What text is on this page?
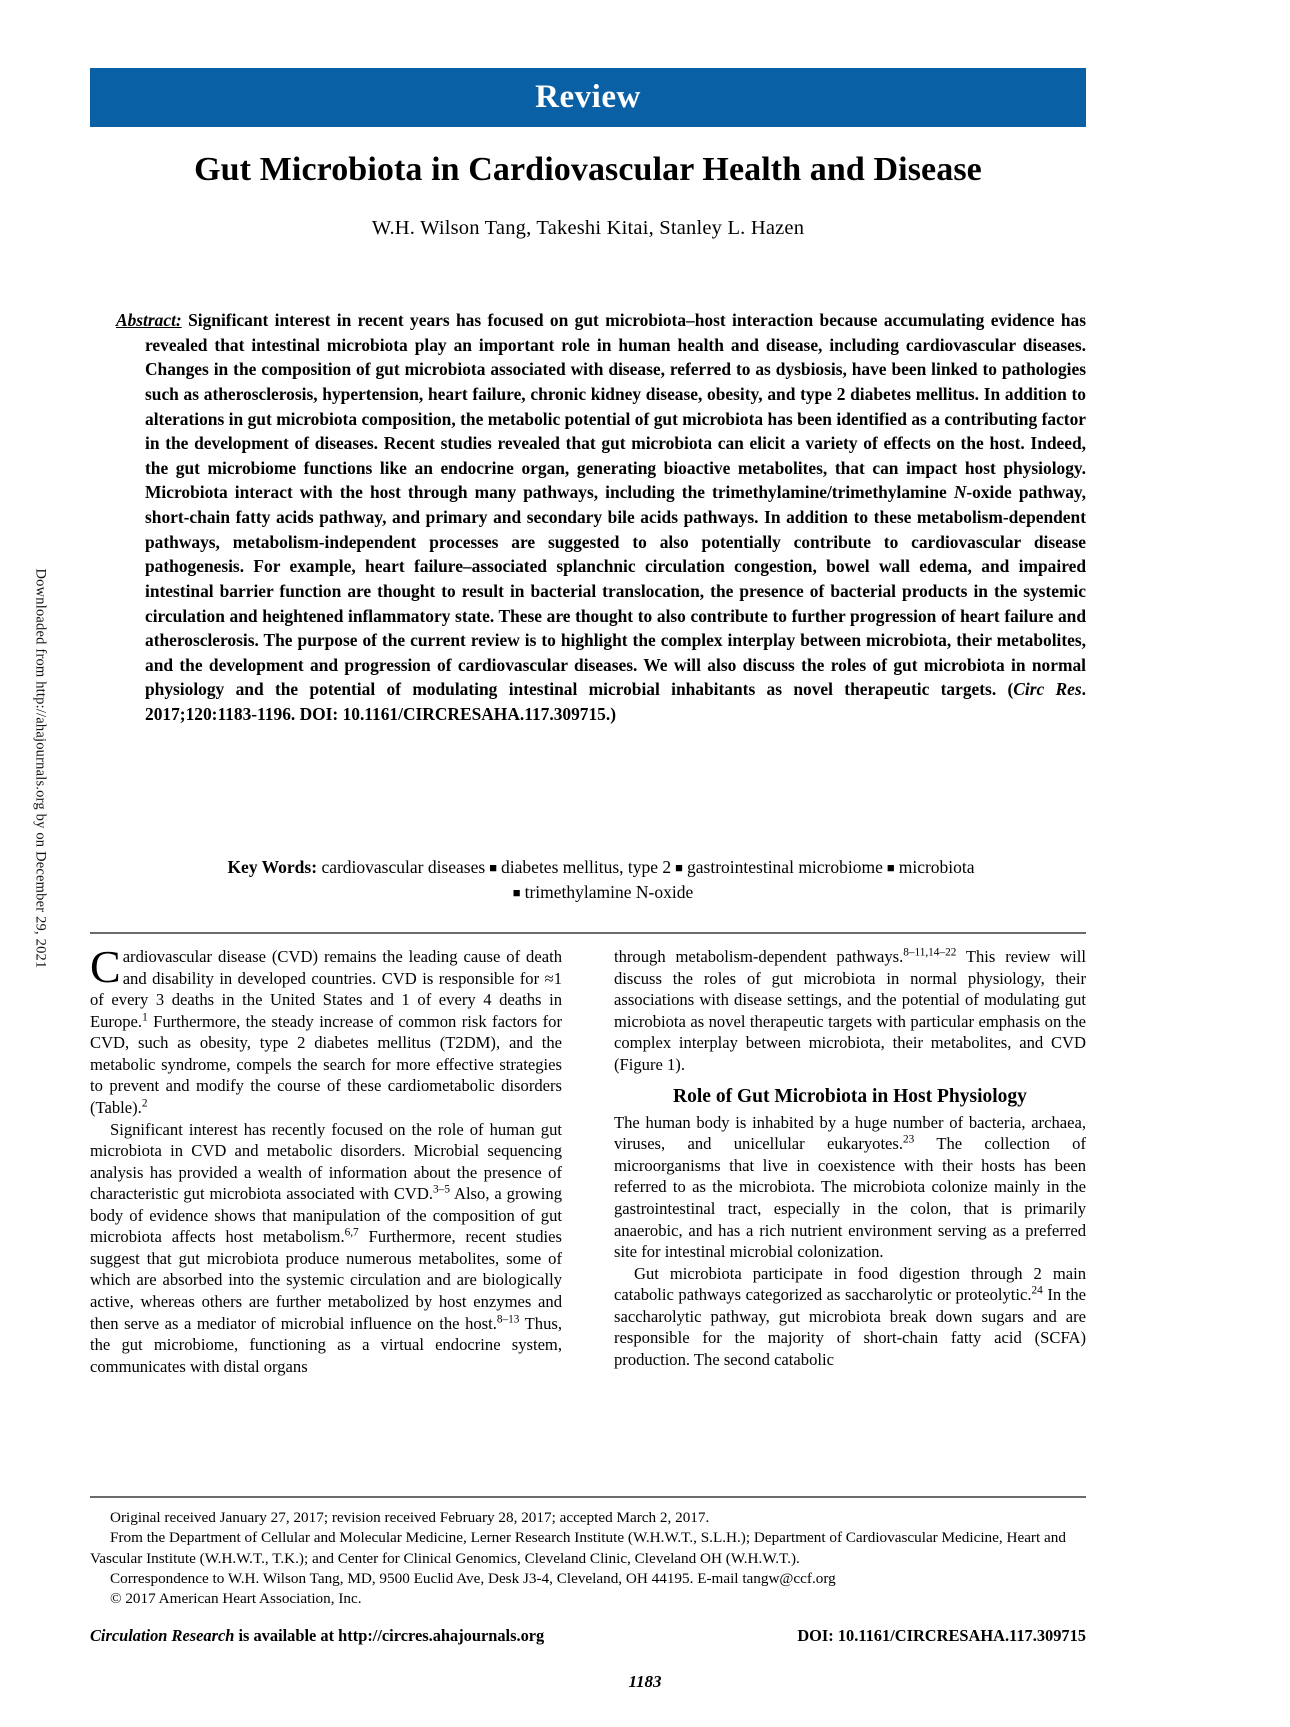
Downloaded from http://ahajournals.org by on December 29, 2021
Review
Gut Microbiota in Cardiovascular Health and Disease
W.H. Wilson Tang, Takeshi Kitai, Stanley L. Hazen

Abstract: Significant interest in recent years has focused on gut microbiota–host interaction because accumulating evidence has revealed that intestinal microbiota play an important role in human health and disease, including cardiovascular diseases. Changes in the composition of gut microbiota associated with disease, referred to as dysbiosis, have been linked to pathologies such as atherosclerosis, hypertension, heart failure, chronic kidney disease, obesity, and type 2 diabetes mellitus. In addition to alterations in gut microbiota composition, the metabolic potential of gut microbiota has been identified as a contributing factor in the development of diseases. Recent studies revealed that gut microbiota can elicit a variety of effects on the host. Indeed, the gut microbiome functions like an endocrine organ, generating bioactive metabolites, that can impact host physiology. Microbiota interact with the host through many pathways, including the trimethylamine/trimethylamine N-oxide pathway, short-chain fatty acids pathway, and primary and secondary bile acids pathways. In addition to these metabolism-dependent pathways, metabolism-independent processes are suggested to also potentially contribute to cardiovascular disease pathogenesis. For example, heart failure–associated splanchnic circulation congestion, bowel wall edema, and impaired intestinal barrier function are thought to result in bacterial translocation, the presence of bacterial products in the systemic circulation and heightened inflammatory state. These are thought to also contribute to further progression of heart failure and atherosclerosis. The purpose of the current review is to highlight the complex interplay between microbiota, their metabolites, and the development and progression of cardiovascular diseases. We will also discuss the roles of gut microbiota in normal physiology and the potential of modulating intestinal microbial inhabitants as novel therapeutic targets. (Circ Res. 2017;120:1183-1196. DOI: 10.1161/CIRCRESAHA.117.309715.)

Key Words: cardiovascular diseases ■ diabetes mellitus, type 2 ■ gastrointestinal microbiome ■ microbiota
■ trimethylamine N-oxide

Cardiovascular disease (CVD) remains the leading cause of death and disability in developed countries. CVD is responsible for ≈1 of every 3 deaths in the United States and 1 of every 4 deaths in Europe.$^1$ Furthermore, the steady increase of common risk factors for CVD, such as obesity, type 2 diabetes mellitus (T2DM), and the metabolic syndrome, compels the search for more effective strategies to prevent and modify the course of these cardiometabolic disorders (Table).$^2$

Significant interest has recently focused on the role of human gut microbiota in CVD and metabolic disorders. Microbial sequencing analysis has provided a wealth of information about the presence of characteristic gut microbiota associated with CVD.$^{3-5}$ Also, a growing body of evidence shows that manipulation of the composition of gut microbiota affects host metabolism.$^{6,7}$ Furthermore, recent studies suggest that gut microbiota produce numerous metabolites, some of which are absorbed into the systemic circulation and are biologically active, whereas others are further metabolized by host enzymes and then serve as a mediator of microbial influence on the host.$^{8-13}$ Thus, the gut microbiome, functioning as a virtual endocrine system, communicates with distal organs

through metabolism-dependent pathways.$^{8-11,14-22}$ This review will discuss the roles of gut microbiota in normal physiology, their associations with disease settings, and the potential of modulating gut microbiota as novel therapeutic targets with particular emphasis on the complex interplay between microbiota, their metabolites, and CVD (Figure 1).

Role of Gut Microbiota in Host Physiology

The human body is inhabited by a huge number of bacteria, archaea, viruses, and unicellular eukaryotes.$^{23}$ The collection of microorganisms that live in coexistence with their hosts has been referred to as the microbiota. The microbiota colonize mainly in the gastrointestinal tract, especially in the colon, that is primarily anaerobic, and has a rich nutrient environment serving as a preferred site for intestinal microbial colonization.

Gut microbiota participate in food digestion through 2 main catabolic pathways categorized as saccharolytic or proteolytic.$^{24}$ In the saccharolytic pathway, gut microbiota break down sugars and are responsible for the majority of short-chain fatty acid (SCFA) production. The second catabolic

Original received January 27, 2017; revision received February 28, 2017; accepted March 2, 2017.

From the Department of Cellular and Molecular Medicine, Lerner Research Institute (W.H.W.T., S.L.H.); Department of Cardiovascular Medicine, Heart and Vascular Institute (W.H.W.T., T.K.); and Center for Clinical Genomics, Cleveland Clinic, Cleveland OH (W.H.W.T.).

Correspondence to W.H. Wilson Tang, MD, 9500 Euclid Ave, Desk J3-4, Cleveland, OH 44195. E-mail tangw@ccf.org

© 2017 American Heart Association, Inc.

Circulation Research is available at http://circres.ahajournals.org	DOI: 10.1161/CIRCRESAHA.117.309715
1183
